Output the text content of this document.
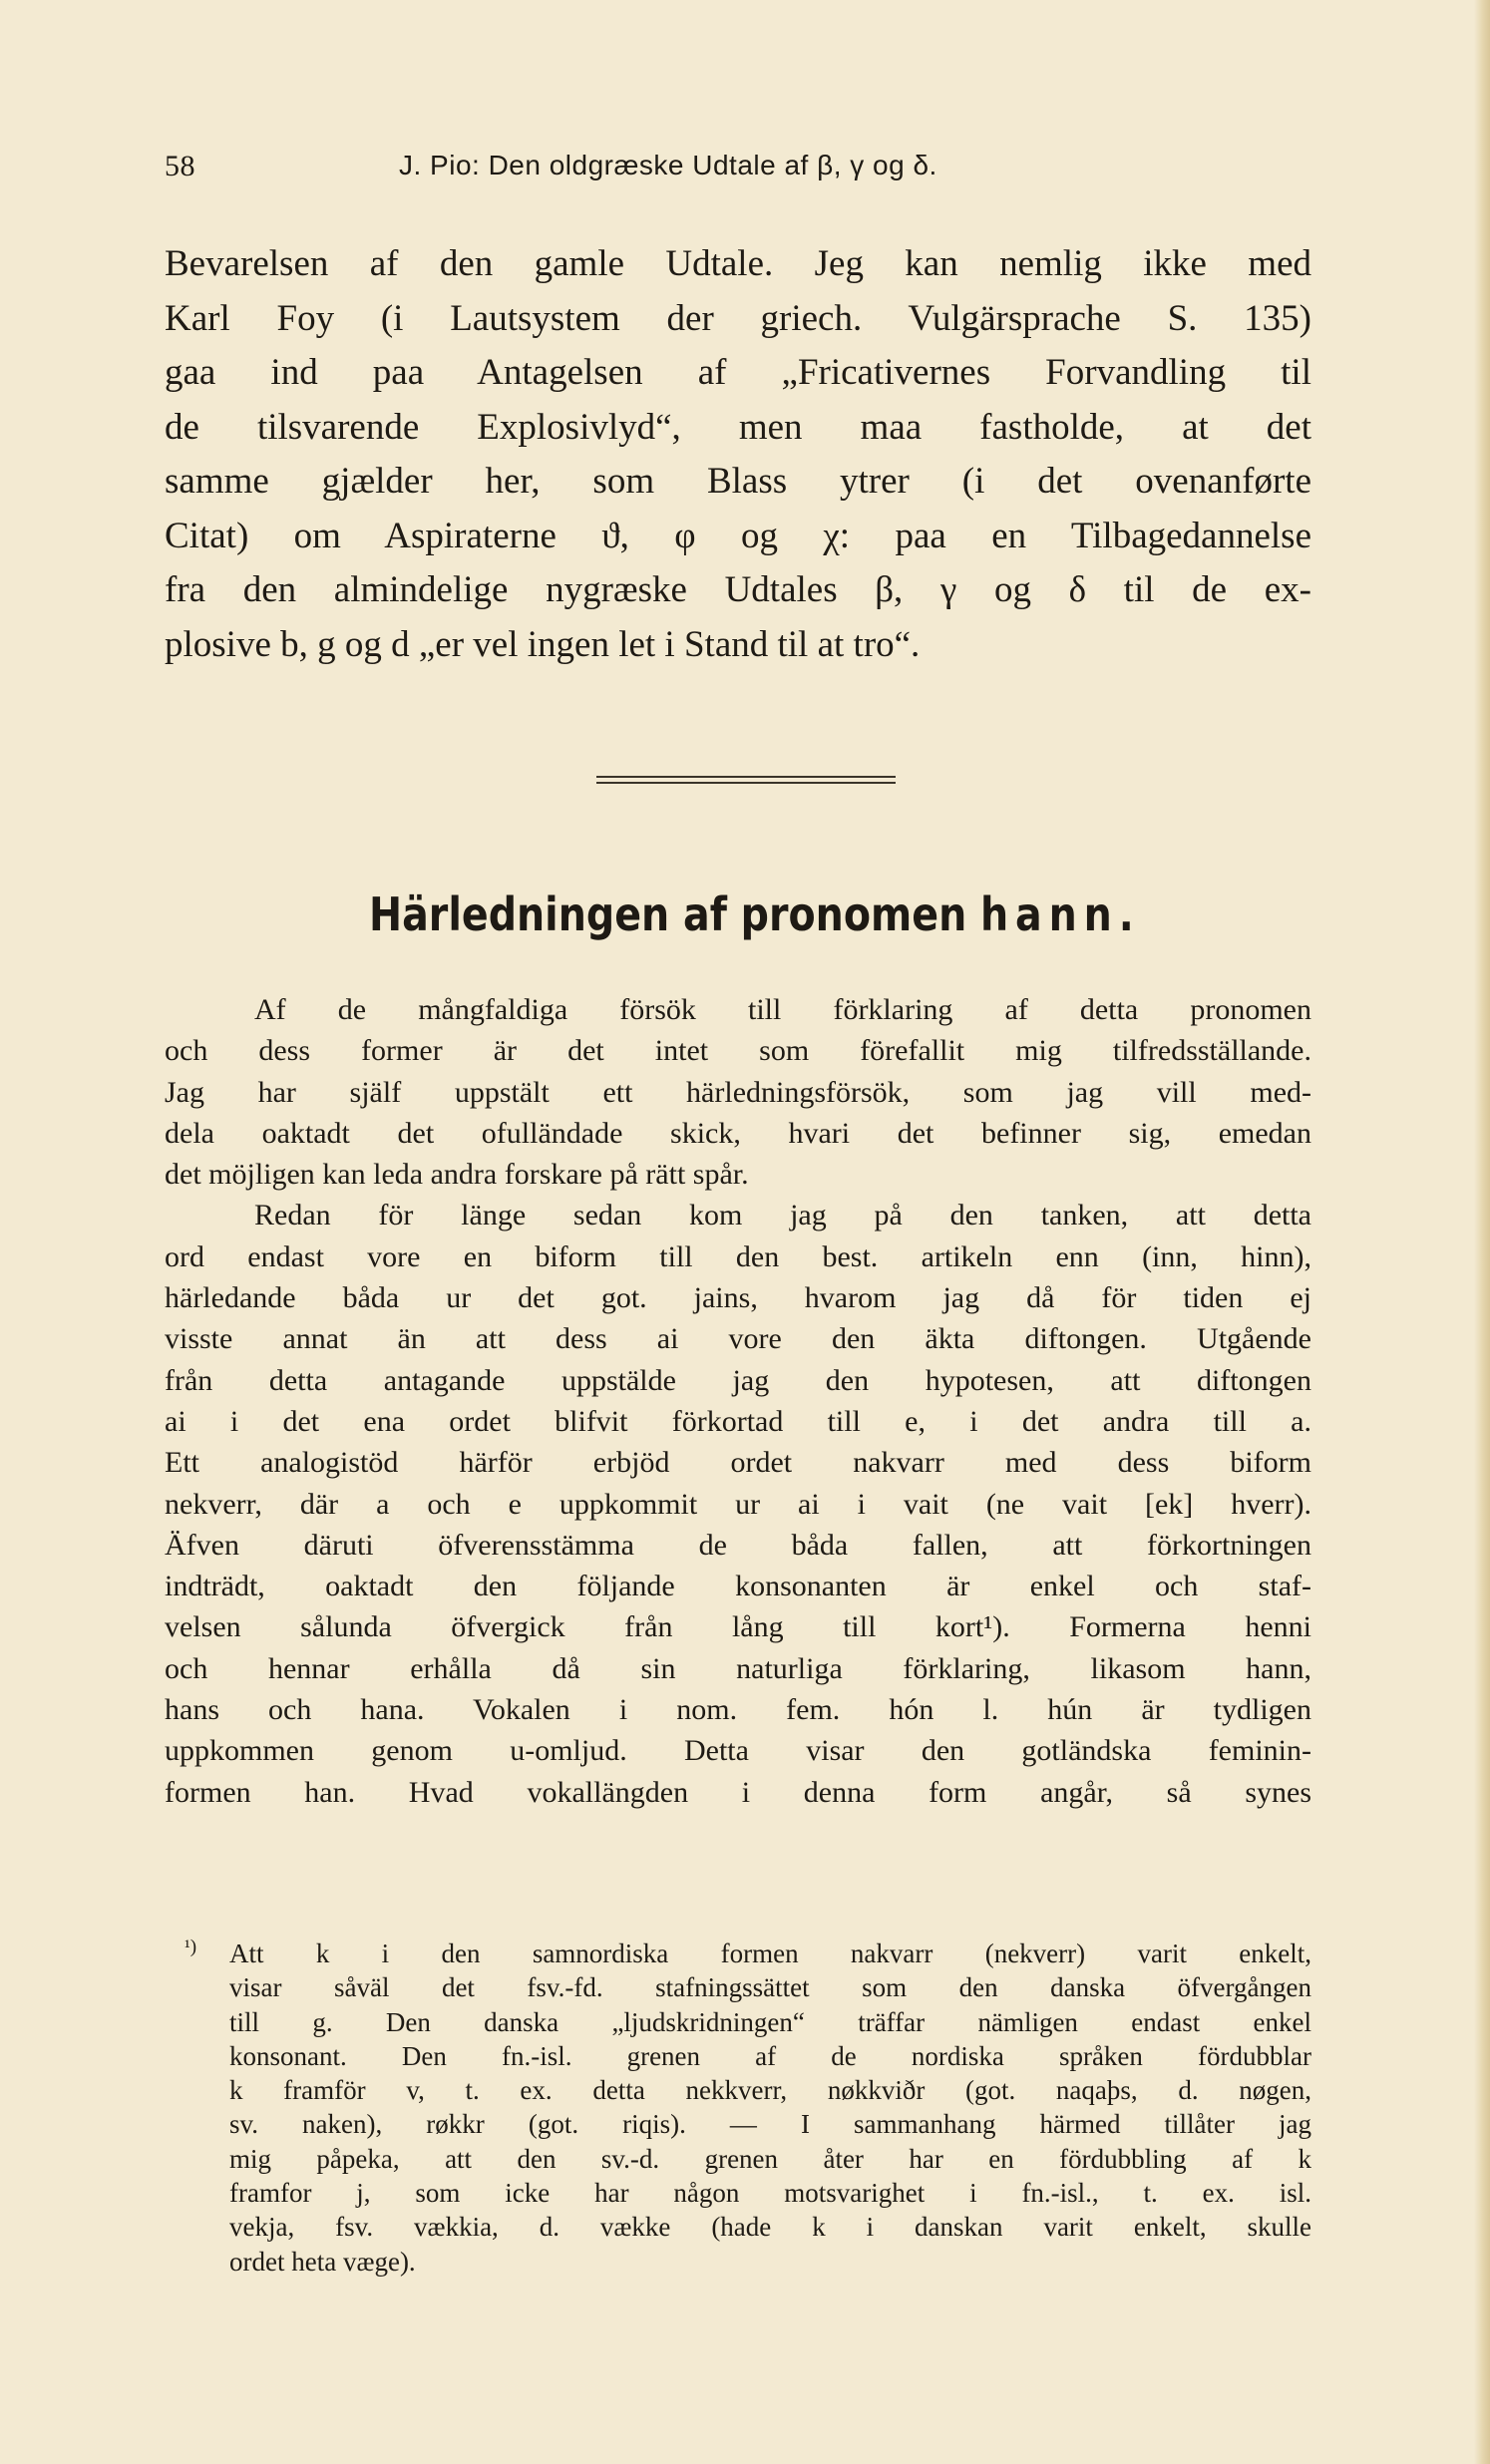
58	J. Pio: Den oldgræske Udtale af β, γ og δ.
Bevarelsen af den gamle Udtale. Jeg kan nemlig ikke med
Karl Foy (i Lautsystem der griech. Vulgärsprache S. 135)
gaa ind paa Antagelsen af „Fricativernes Forvandling til
de tilsvarende Explosivlyd“, men maa fastholde, at det
samme gjælder her, som Blass ytrer (i det ovenanførte
Citat) om Aspiraterne ϑ, φ og χ: paa en Tilbagedannelse
fra den almindelige nygræske Udtales β, γ og δ til de ex-
plosive b, g og d „er vel ingen let i Stand til at tro“.
Härledningen af pronomen hann.
Af de mångfaldiga försök till förklaring af detta pronomen
och dess former är det intet som förefallit mig tilfredsställande.
Jag har själf uppstält ett härledningsförsök, som jag vill med-
dela oaktadt det ofulländade skick, hvari det befinner sig, emedan
det möjligen kan leda andra forskare på rätt spår.
Redan för länge sedan kom jag på den tanken, att detta
ord endast vore en biform till den best. artikeln enn (inn, hinn),
härledande båda ur det got. jains, hvarom jag då för tiden ej
visste annat än att dess ai vore den äkta diftongen. Utgående
från detta antagande uppstälde jag den hypotesen, att diftongen
ai i det ena ordet blifvit förkortad till e, i det andra till a.
Ett analogistöd härför erbjöd ordet nakvarr med dess biform
nekverr, där a och e uppkommit ur ai i vait (ne vait [ek] hverr).
Äfven däruti öfverensstämma de båda fallen, att förkortningen
indträdt, oaktadt den följande konsonanten är enkel och staf-
velsen sålunda öfvergick från lång till kort¹). Formerna henni
och hennar erhålla då sin naturliga förklaring, likasom hann,
hans och hana. Vokalen i nom. fem. hón l. hún är tydligen
uppkommen genom u-omljud. Detta visar den gotländska feminin-
formen han. Hvad vokallängden i denna form angår, så synes
¹) Att k i den samnordiska formen nakvarr (nekverr) varit enkelt,
visar såväl det fsv.-fd. stafningssättet som den danska öfvergången
till g. Den danska „ljudskridningen“ träffar nämligen endast enkel
konsonant. Den fn.-isl. grenen af de nordiska språken fördubblar
k framför v, t. ex. detta nekkverr, nøkkviðr (got. naqaþs, d. nøgen,
sv. naken), røkkr (got. riqis). — I sammanhang härmed tillåter jag
mig påpeka, att den sv.-d. grenen åter har en fördubbling af k
framfor j, som icke har någon motsvarighet i fn.-isl., t. ex. isl.
vekja, fsv. vækkia, d. vække (hade k i danskan varit enkelt, skulle
ordet heta væge).
